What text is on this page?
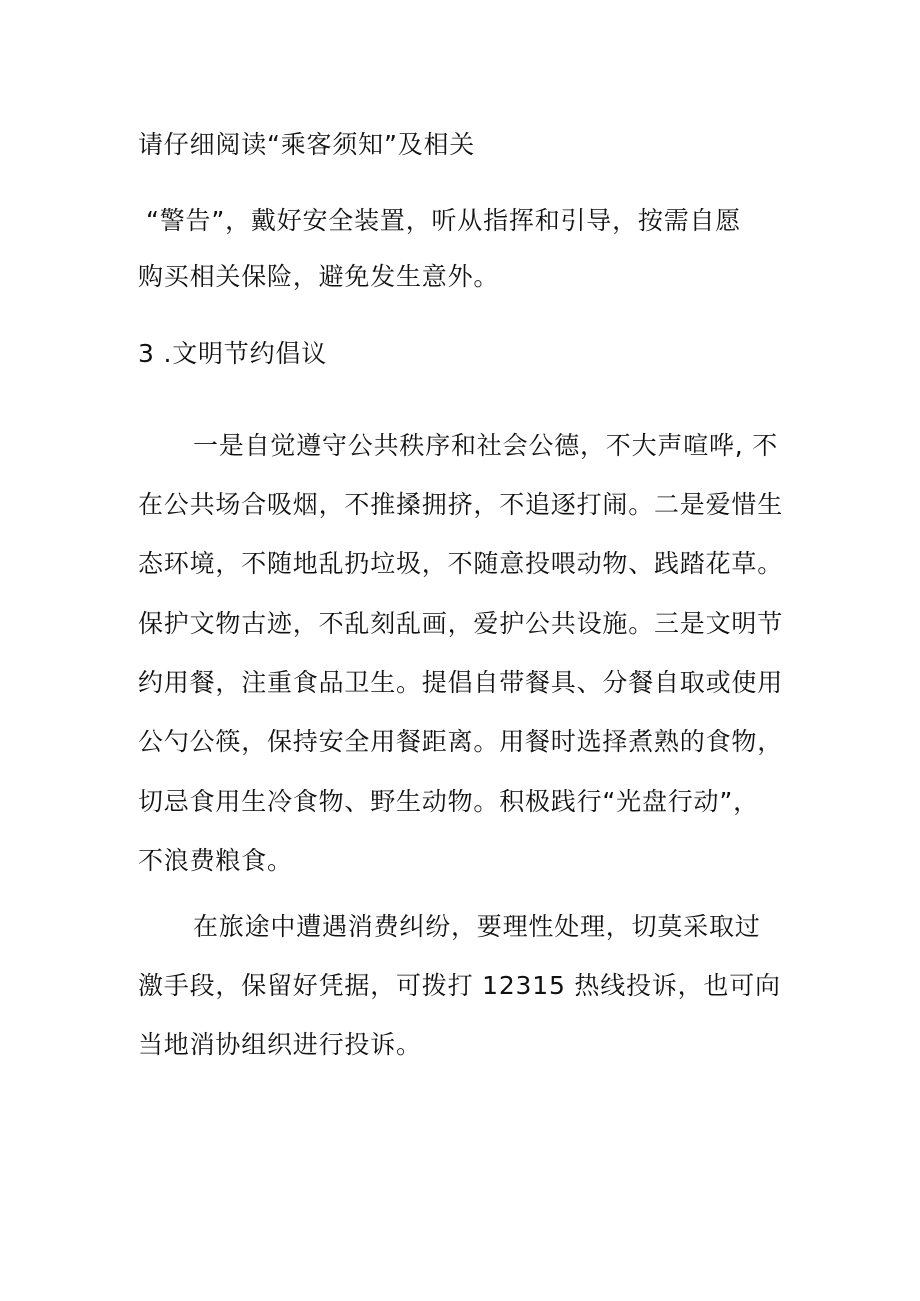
请仔细阅读“乘客须知”及相关
“警告”，戴好安全装置，听从指挥和引导，按需自愿
购买相关保险，避免发生意外。
3 .文明节约倡议
一是自觉遵守公共秩序和社会公德，不大声喧哗, 不
在公共场合吸烟，不推搡拥挤，不追逐打闹。二是爱惜生
态环境，不随地乱扔垃圾，不随意投喂动物、践踏花草。
保护文物古迹，不乱刻乱画，爱护公共设施。三是文明节
约用餐，注重食品卫生。提倡自带餐具、分餐自取或使用
公勺公筷，保持安全用餐距离。用餐时选择煮熟的食物，
切忌食用生冷食物、野生动物。积极践行“光盘行动”，
不浪费粮食。
在旅途中遭遇消费纠纷，要理性处理，切莫采取过
激手段，保留好凭据，可拨打 12315 热线投诉，也可向
当地消协组织进行投诉。
